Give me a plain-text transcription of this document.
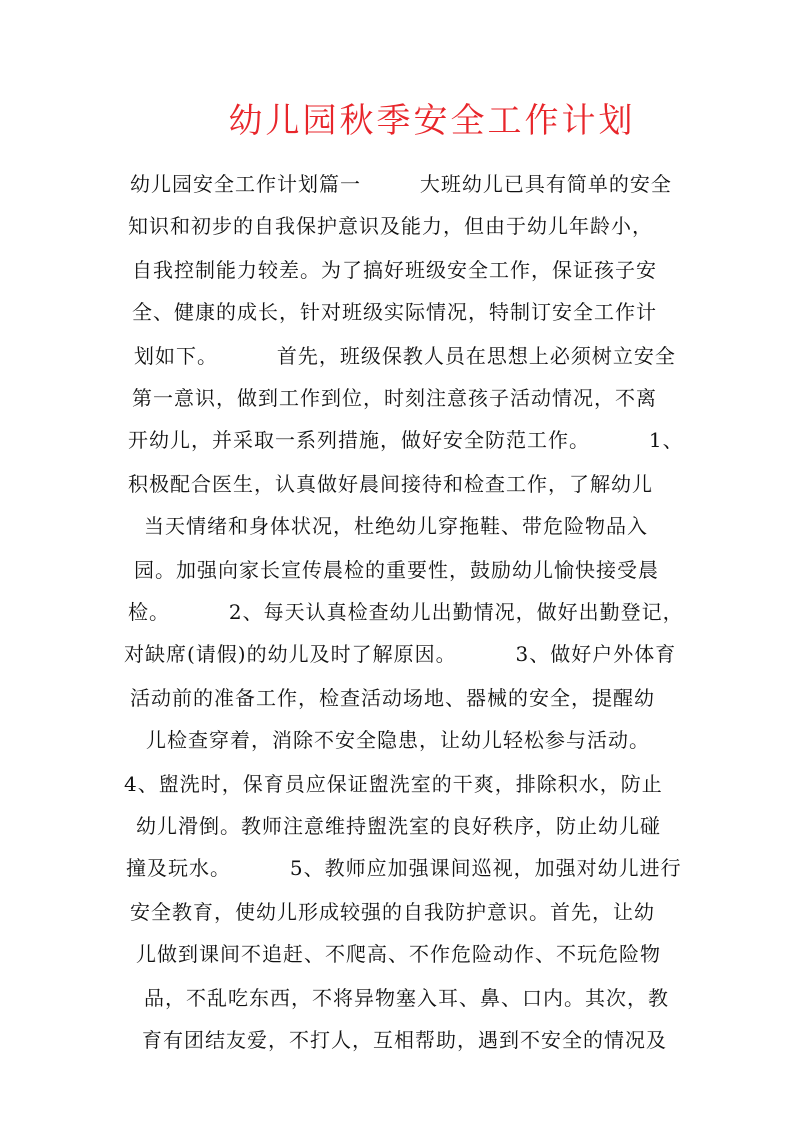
幼儿园秋季安全工作计划
幼儿园安全工作计划篇一        大班幼儿已具有简单的安全
知识和初步的自我保护意识及能力，但由于幼儿年龄小，
自我控制能力较差。为了搞好班级安全工作，保证孩子安
全、健康的成长，针对班级实际情况，特制订安全工作计
划如下。        首先，班级保教人员在思想上必须树立安全
第一意识，做到工作到位，时刻注意孩子活动情况，不离
开幼儿，并采取一系列措施，做好安全防范工作。        1、
积极配合医生，认真做好晨间接待和检查工作，了解幼儿
当天情绪和身体状况，杜绝幼儿穿拖鞋、带危险物品入
园。加强向家长宣传晨检的重要性，鼓励幼儿愉快接受晨
检。        2、每天认真检查幼儿出勤情况，做好出勤登记，
对缺席(请假)的幼儿及时了解原因。        3、做好户外体育
活动前的准备工作，检查活动场地、器械的安全，提醒幼
儿检查穿着，消除不安全隐患，让幼儿轻松参与活动。
4、盥洗时，保育员应保证盥洗室的干爽，排除积水，防止
幼儿滑倒。教师注意维持盥洗室的良好秩序，防止幼儿碰
撞及玩水。        5、教师应加强课间巡视，加强对幼儿进行
安全教育，使幼儿形成较强的自我防护意识。首先，让幼
儿做到课间不追赶、不爬高、不作危险动作、不玩危险物
品，不乱吃东西，不将异物塞入耳、鼻、口内。其次，教
育有团结友爱，不打人，互相帮助，遇到不安全的情况及
